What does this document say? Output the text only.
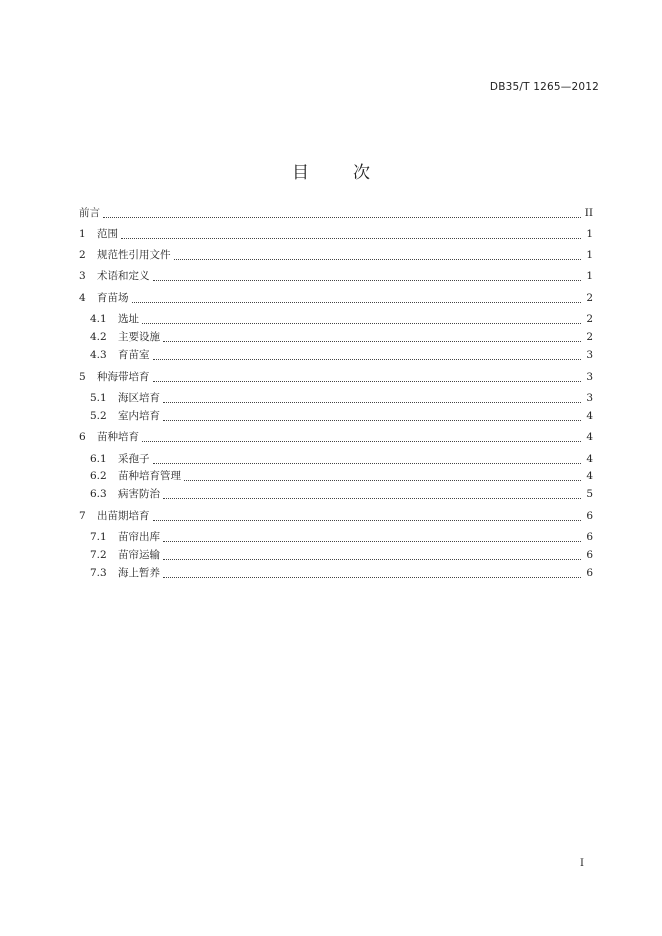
DB35/T 1265—2012
目	次
前言	II
1	范围	1
2	规范性引用文件	1
3	术语和定义	1
4	育苗场	2
4.1	选址	2
4.2	主要设施	2
4.3	育苗室	3
5	种海带培育	3
5.1	海区培育	3
5.2	室内培育	4
6	苗种培育	4
6.1	采孢子	4
6.2	苗种培育管理	4
6.3	病害防治	5
7	出苗期培育	6
7.1	苗帘出库	6
7.2	苗帘运输	6
7.3	海上暂养	6
I
